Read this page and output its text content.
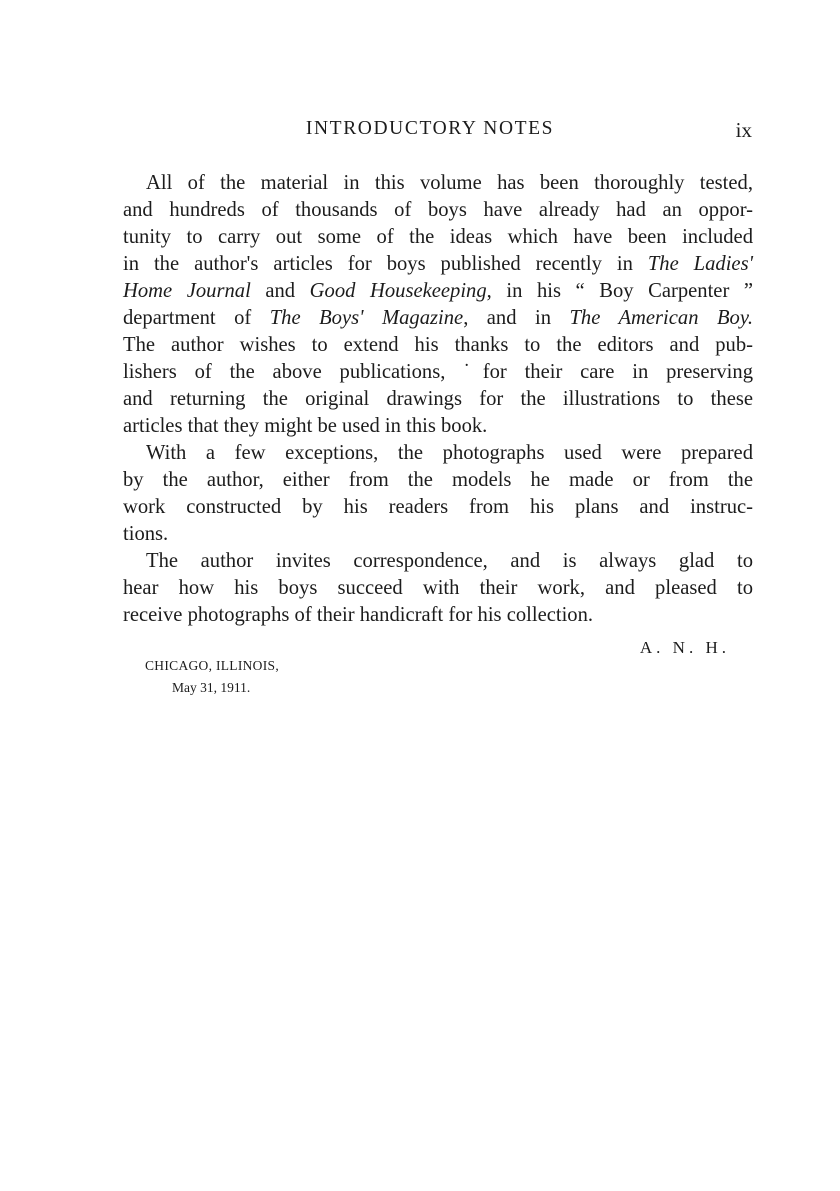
INTRODUCTORY NOTES	ix
All of the material in this volume has been thoroughly tested,
and hundreds of thousands of boys have already had an oppor-
tunity to carry out some of the ideas which have been included
in the author's articles for boys published recently in The Ladies'
Home Journal and Good Housekeeping, in his “ Boy Carpenter ”
department of The Boys' Magazine, and in The American Boy.
The author wishes to extend his thanks to the editors and pub-
lishers of the above publications, ˙for their care in preserving
and returning the original drawings for the illustrations to these
articles that they might be used in this book.
With a few exceptions, the photographs used were prepared
by the author, either from the models he made or from the
work constructed by his readers from his plans and instruc-
tions.
The author invites correspondence, and is always glad to
hear how his boys succeed with their work, and pleased to
receive photographs of their handicraft for his collection.
A. N. H.
CHICAGO, ILLINOIS,
May 31, 1911.
